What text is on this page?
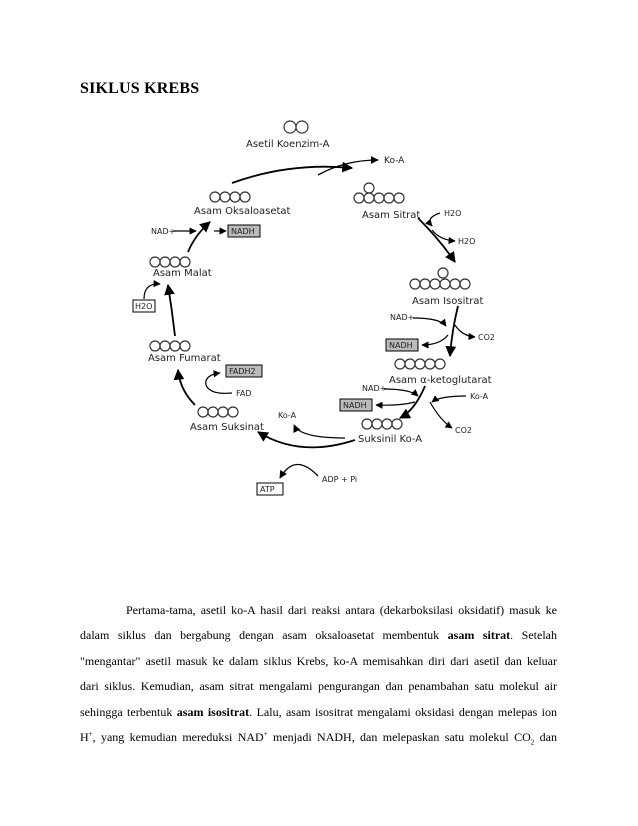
SIKLUS KREBS
Asetil Koenzim-A
Ko-A
Asam Sitrat	H2O
H2O
Asam Isositrat
NAD+
CO2
NADH
Asam α-ketoglutarat
NAD+
Ko-A
NADH
CO2
Suksinil Ko-A
Ko-A
ADP + Pi
ATP
Asam Suksinat
FAD
FADH2
Asam Fumarat
H2O
Asam Malat
NAD+	NADH
Asam Oksaloasetat
Pertama-tama, asetil ko-A hasil dari reaksi antara (dekarboksilasi oksidatif) masuk ke
dalam siklus dan bergabung dengan asam oksaloasetat membentuk asam sitrat. Setelah
"mengantar" asetil masuk ke dalam siklus Krebs, ko-A memisahkan diri dari asetil dan keluar
dari siklus. Kemudian, asam sitrat mengalami pengurangan dan penambahan satu molekul air
sehingga terbentuk asam isositrat. Lalu, asam isositrat mengalami oksidasi dengan melepas ion
H+, yang kemudian mereduksi NAD+ menjadi NADH, dan melepaskan satu molekul $CO_2$ dan
